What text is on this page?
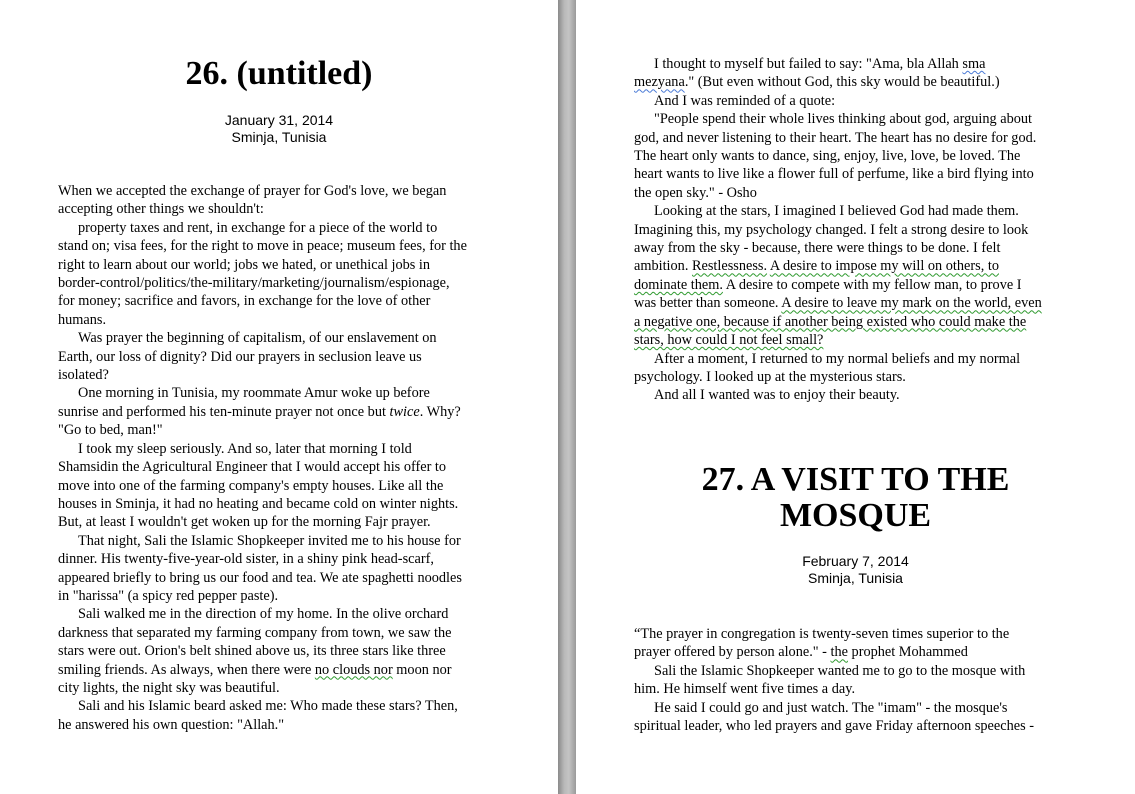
26. (untitled)
January 31, 2014
Sminja, Tunisia

When we accepted the exchange of prayer for God's love, we began

accepting other things we shouldn't:

property taxes and rent, in exchange for a piece of the world to

stand on; visa fees, for the right to move in peace; museum fees, for the

right to learn about our world; jobs we hated, or unethical jobs in

border-control/politics/the-military/marketing/journalism/espionage,

for money; sacrifice and favors, in exchange for the love of other

humans.

Was prayer the beginning of capitalism, of our enslavement on

Earth, our loss of dignity? Did our prayers in seclusion leave us

isolated?

One morning in Tunisia, my roommate Amur woke up before

sunrise and performed his ten-minute prayer not once but twice. Why?

"Go to bed, man!"

I took my sleep seriously. And so, later that morning I told

Shamsidin the Agricultural Engineer that I would accept his offer to

move into one of the farming company's empty houses. Like all the

houses in Sminja, it had no heating and became cold on winter nights.

But, at least I wouldn't get woken up for the morning Fajr prayer.

That night, Sali the Islamic Shopkeeper invited me to his house for

dinner. His twenty-five-year-old sister, in a shiny pink head-scarf,

appeared briefly to bring us our food and tea. We ate spaghetti noodles

in "harissa" (a spicy red pepper paste).

Sali walked me in the direction of my home. In the olive orchard

darkness that separated my farming company from town, we saw the

stars were out. Orion's belt shined above us, its three stars like three

smiling friends. As always, when there were no clouds nor moon nor

city lights, the night sky was beautiful.

Sali and his Islamic beard asked me: Who made these stars? Then,

he answered his own question: "Allah."

I thought to myself but failed to say: "Ama, bla Allah sma

mezyana." (But even without God, this sky would be beautiful.)

And I was reminded of a quote:

"People spend their whole lives thinking about god, arguing about

god, and never listening to their heart. The heart has no desire for god.

The heart only wants to dance, sing, enjoy, live, love, be loved. The

heart wants to live like a flower full of perfume, like a bird flying into

the open sky." - Osho

Looking at the stars, I imagined I believed God had made them.

Imagining this, my psychology changed. I felt a strong desire to look

away from the sky - because, there were things to be done. I felt

ambition. Restlessness. A desire to impose my will on others, to

dominate them. A desire to compete with my fellow man, to prove I

was better than someone. A desire to leave my mark on the world, even

a negative one, because if another being existed who could make the

stars, how could I not feel small?

After a moment, I returned to my normal beliefs and my normal

psychology. I looked up at the mysterious stars.

And all I wanted was to enjoy their beauty.

27. A VISIT TO THE
MOSQUE
February 7, 2014
Sminja, Tunisia

“The prayer in congregation is twenty-seven times superior to the

prayer offered by person alone." - the prophet Mohammed

Sali the Islamic Shopkeeper wanted me to go to the mosque with

him. He himself went five times a day.

He said I could go and just watch. The "imam" - the mosque's

spiritual leader, who led prayers and gave Friday afternoon speeches -
